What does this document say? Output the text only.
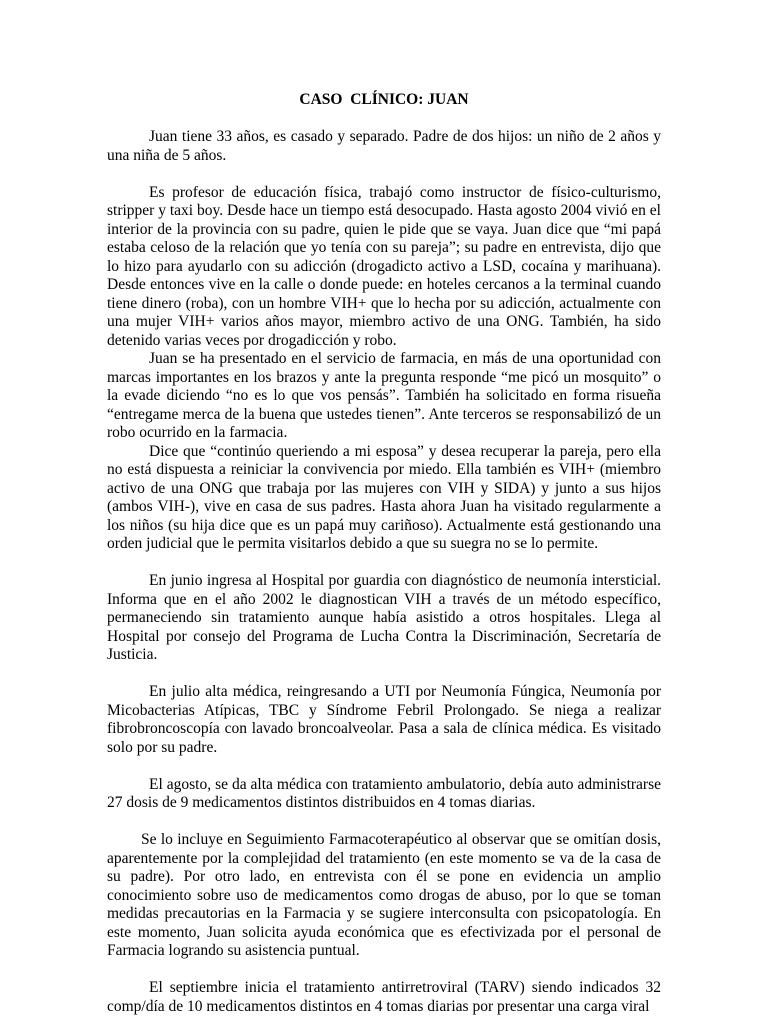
CASO  CLÍNICO: JUAN

Juan tiene 33 años, es casado y separado. Padre de dos hijos: un niño de 2 años y una niña de 5 años.

Es profesor de educación física, trabajó como instructor de físico-culturismo, stripper y taxi boy. Desde hace un tiempo está desocupado. Hasta agosto 2004 vivió en el interior de la provincia con su padre, quien le pide que se vaya. Juan dice que “mi papá estaba celoso de la relación que yo tenía con su pareja”; su padre en entrevista, dijo que lo hizo para ayudarlo con su adicción (drogadicto activo a LSD, cocaína y marihuana). Desde entonces vive en la calle o donde puede: en hoteles cercanos a la terminal cuando tiene dinero (roba), con un hombre VIH+ que lo hecha por su adicción, actualmente con una mujer VIH+ varios años mayor, miembro activo de una ONG. También, ha sido detenido varias veces por drogadicción y robo.

Juan se ha presentado en el servicio de farmacia, en más de una oportunidad con marcas importantes en los brazos y ante la pregunta responde “me picó un mosquito” o la evade diciendo “no es lo que vos pensás”. También ha solicitado en forma risueña “entregame merca de la buena que ustedes tienen”. Ante terceros se responsabilizó de un robo ocurrido en la farmacia.

Dice que “continúo queriendo a mi esposa” y desea recuperar la pareja, pero ella no está dispuesta a reiniciar la convivencia por miedo. Ella también es VIH+ (miembro activo de una ONG que trabaja por las mujeres con VIH y SIDA) y junto a sus hijos (ambos VIH-), vive en casa de sus padres. Hasta ahora Juan ha visitado regularmente a los niños (su hija dice que es un papá muy cariñoso). Actualmente está gestionando una orden judicial que le permita visitarlos debido a que su suegra no se lo permite.

En junio ingresa al Hospital por guardia con diagnóstico de neumonía intersticial. Informa que en el año 2002 le diagnostican VIH a través de un método específico, permaneciendo sin tratamiento aunque había asistido a otros hospitales. Llega al Hospital por consejo del Programa de Lucha Contra la Discriminación, Secretaría de Justicia.

En julio alta médica, reingresando a UTI por Neumonía Fúngica, Neumonía por Micobacterias Atípicas, TBC y Síndrome Febril Prolongado. Se niega a realizar fibrobroncoscopía con lavado broncoalveolar. Pasa a sala de clínica médica. Es visitado solo por su padre.

El agosto, se da alta médica con tratamiento ambulatorio, debía auto administrarse 27 dosis de 9 medicamentos distintos distribuidos en 4 tomas diarias.

Se lo incluye en Seguimiento Farmacoterapéutico al observar que se omitían dosis, aparentemente por la complejidad del tratamiento (en este momento se va de la casa de su padre). Por otro lado, en entrevista con él se pone en evidencia un amplio conocimiento sobre uso de medicamentos como drogas de abuso, por lo que se toman medidas precautorias en la Farmacia y se sugiere interconsulta con psicopatología. En este momento, Juan solicita ayuda económica que es efectivizada por el personal de Farmacia logrando su asistencia puntual.

El septiembre inicia el tratamiento antirretroviral (TARV) siendo indicados 32 comp/día de 10 medicamentos distintos en 4 tomas diarias por presentar una carga viral
